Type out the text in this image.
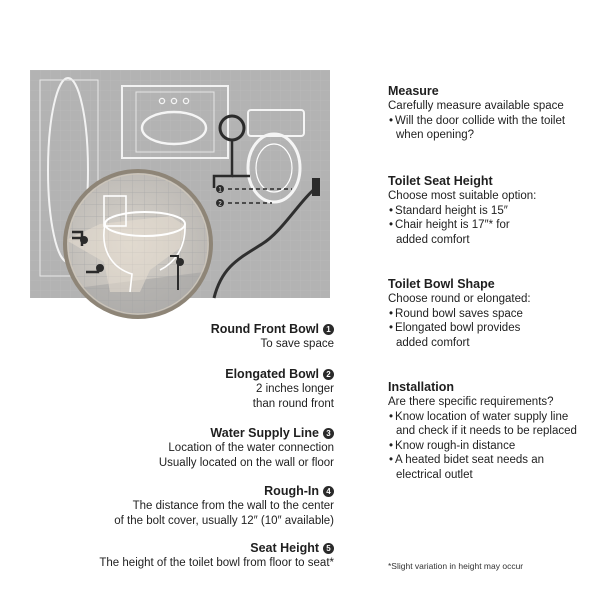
1
2
Measure
Carefully measure available space
• Will the door collide with the toilet when opening?
Toilet Seat Height
Choose most suitable option:
• Standard height is 15″
• Chair height is 17″* for added comfort
Toilet Bowl Shape
Choose round or elongated:
• Round bowl saves space
• Elongated bowl provides added comfort
Installation
Are there specific requirements?
• Know location of water supply line and check if it needs to be replaced
• Know rough-in distance
• A heated bidet seat needs an electrical outlet
Round Front Bowl 1
To save space
Elongated Bowl 2
2 inches longer
than round front
Water Supply Line 3
Location of the water connection
Usually located on the wall or floor
Rough-In 4
The distance from the wall to the center
of the bolt cover, usually 12″ (10″ available)
Seat Height 5
The height of the toilet bowl from floor to seat*	*Slight variation in height may occur
